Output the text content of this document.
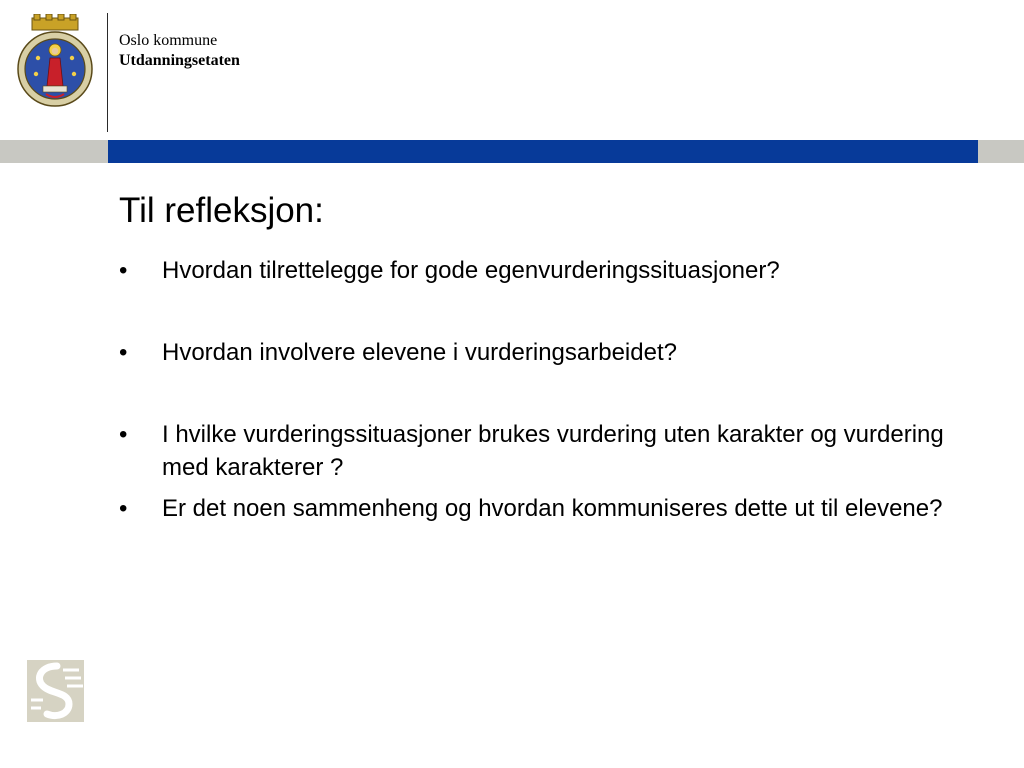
Oslo kommune
Utdanningsetaten
Til refleksjon:
•	Hvordan tilrettelegge for gode egenvurderingssituasjoner?
•	Hvordan involvere elevene i vurderingsarbeidet?
•	I hvilke vurderingssituasjoner brukes vurdering uten karakter og vurdering med karakterer ?
•	Er det noen sammenheng og hvordan kommuniseres dette ut til elevene?
